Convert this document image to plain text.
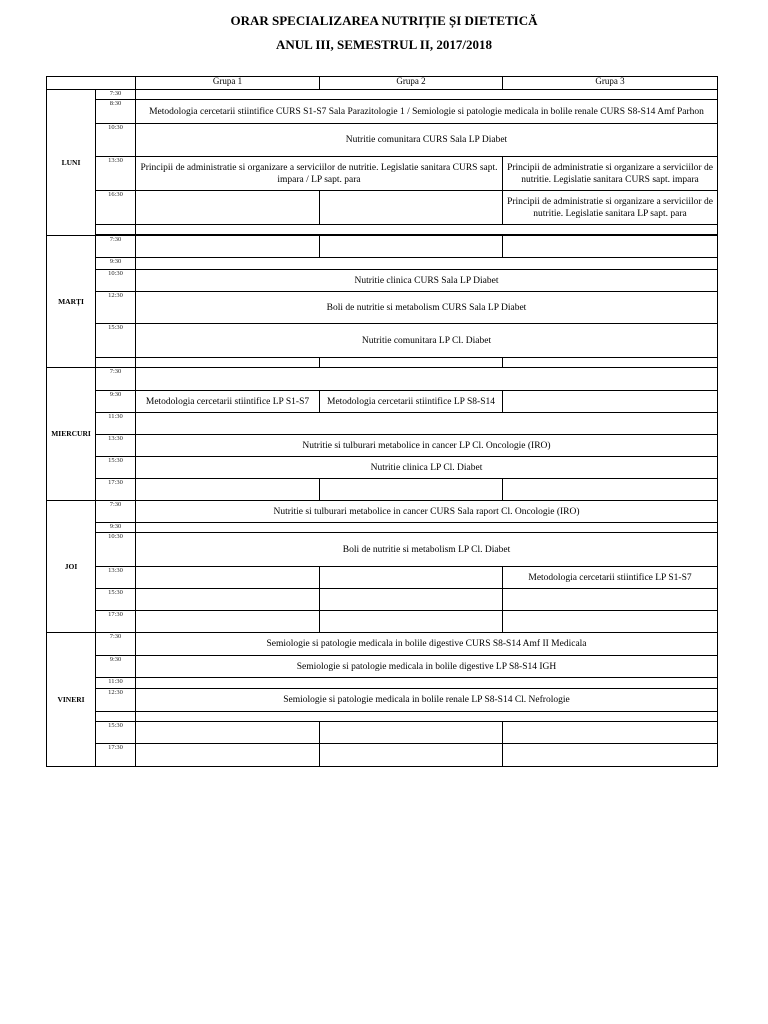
ORAR SPECIALIZAREA NUTRIȚIE ȘI DIETETICĂ
ANUL III, SEMESTRUL II, 2017/2018
		Grupa 1	Grupa 2	Grupa 3
LUNI	7:30			
	8:30	Metodologia cercetarii stiintifice CURS S1-S7 Sala Parazitologie 1 / Semiologie si patologie medicala in bolile renale CURS S8-S14 Amf Parhon		
	10:30	Nutritie comunitara CURS Sala LP Diabet		
	13:30	Principii de administratie si organizare a serviciilor de nutritie. Legislatie sanitara CURS sapt. impara / LP sapt. para		Principii de administratie si organizare a serviciilor de nutritie. Legislatie sanitara CURS sapt. impara
	16:30			Principii de administratie si organizare a serviciilor de nutritie. Legislatie sanitara LP sapt. para

MARȚI	7:30			
	9:30			
	10:30	Nutritie clinica CURS Sala LP Diabet		
	12:30	Boli de nutritie si metabolism CURS Sala LP Diabet		
	15:30	Nutritie comunitara LP Cl. Diabet		

MIERCURI	7:30			
	9:30	Metodologia cercetarii stiintifice LP S1-S7	Metodologia cercetarii stiintifice LP S8-S14	
	11:30			
	13:30	Nutritie si tulburari metabolice in cancer LP Cl. Oncologie (IRO)		
	15:30	Nutritie clinica LP Cl. Diabet		
	17:30			
JOI	7:30	Nutritie si tulburari metabolice in cancer CURS Sala raport Cl. Oncologie (IRO)		
	9:30			
	10:30	Boli de nutritie si metabolism LP Cl. Diabet		
	13:30			Metodologia cercetarii stiintifice LP S1-S7
	15:30			
	17:30			
VINERI	7:30	Semiologie si patologie medicala in bolile digestive CURS S8-S14 Amf II Medicala		
	9:30	Semiologie si patologie medicala in bolile digestive LP S8-S14 IGH		
	11:30			
	12:30	Semiologie si patologie medicala in bolile renale LP S8-S14 Cl. Nefrologie		

	15:30			
	17:30			
